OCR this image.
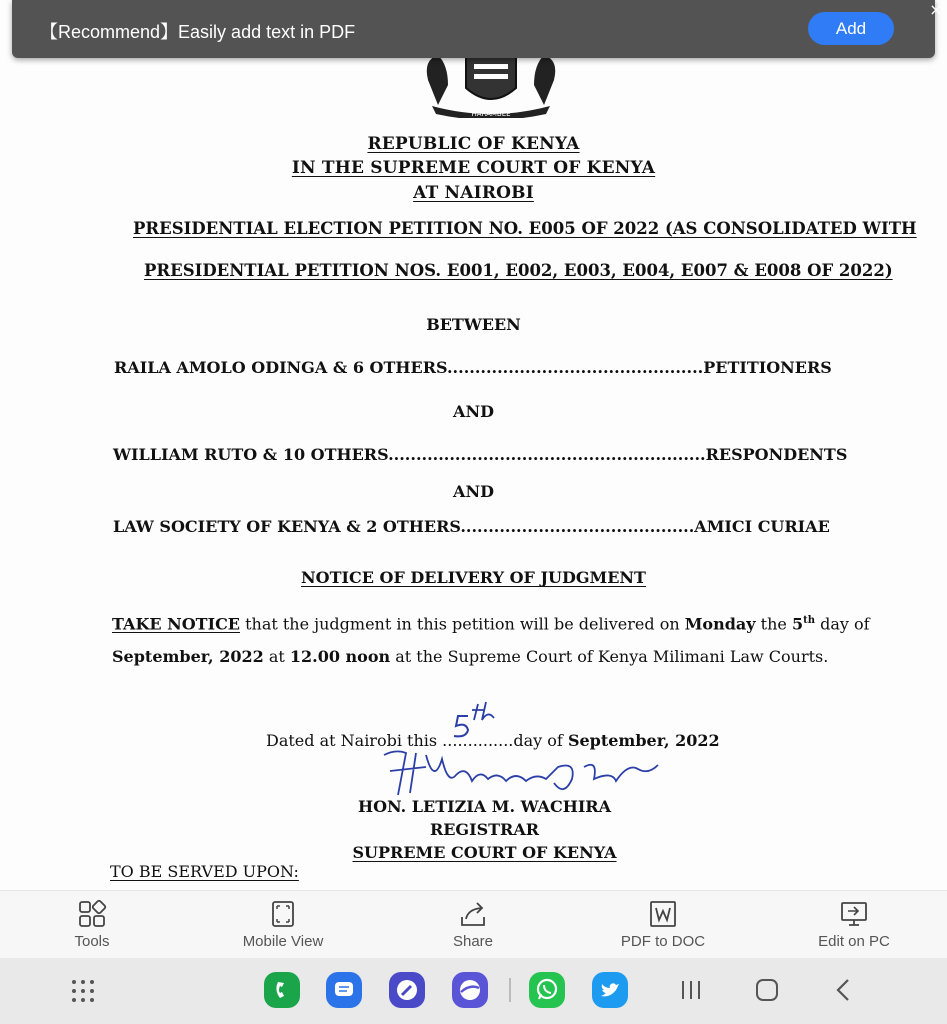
HARAMBEE
REPUBLIC OF KENYA
IN THE SUPREME COURT OF KENYA
AT NAIROBI
PRESIDENTIAL ELECTION PETITION NO. E005 OF 2022 (AS CONSOLIDATED WITH
PRESIDENTIAL PETITION NOS. E001, E002, E003, E004, E007 & E008 OF 2022)
BETWEEN
RAILA AMOLO ODINGA & 6 OTHERS..............................................PETITIONERS
AND
WILLIAM RUTO & 10 OTHERS.........................................................RESPONDENTS
AND
LAW SOCIETY OF KENYA & 2 OTHERS..........................................AMICI CURIAE
NOTICE OF DELIVERY OF JUDGMENT
TAKE NOTICE that the judgment in this petition will be delivered on Monday the 5th day of
September, 2022 at 12.00 noon at the Supreme Court of Kenya Milimani Law Courts.
Dated at Nairobi this ..............day of September, 2022
HON. LETIZIA M. WACHIRA
REGISTRAR
SUPREME COURT OF KENYA
TO BE SERVED UPON:
【Recommend】Easily add text in PDF	Add
×
Tools	Mobile View	Share	PDF to DOC	Edit on PC
